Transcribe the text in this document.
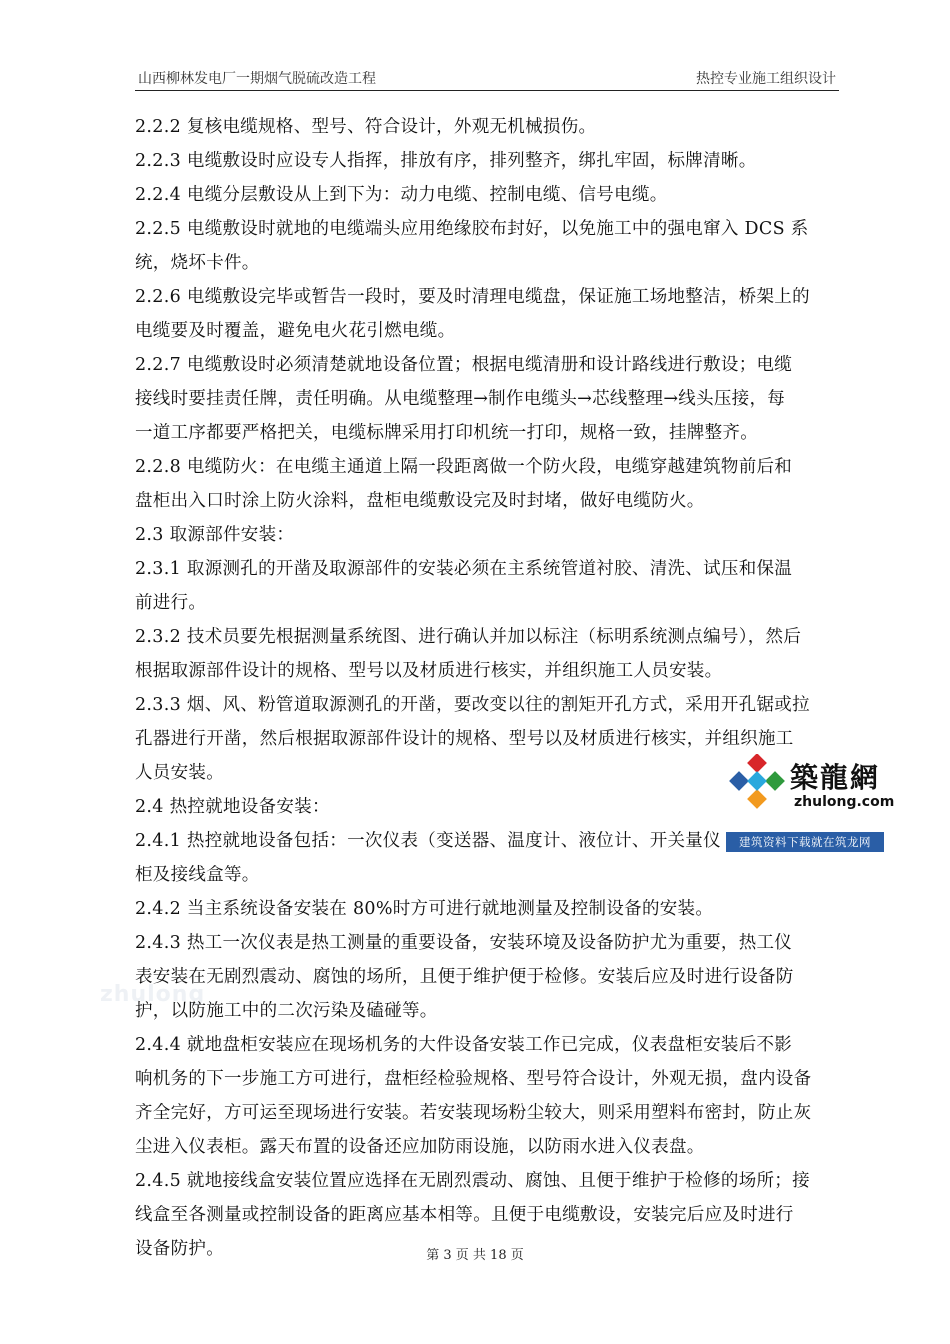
山西柳林发电厂一期烟气脱硫改造工程	热控专业施工组织设计
zhulong
2.2.2 复核电缆规格、型号、符合设计，外观无机械损伤。
2.2.3 电缆敷设时应设专人指挥，排放有序，排列整齐，绑扎牢固，标牌清晰。
2.2.4 电缆分层敷设从上到下为：动力电缆、控制电缆、信号电缆。
2.2.5 电缆敷设时就地的电缆端头应用绝缘胶布封好，以免施工中的强电窜入 DCS 系
统，烧坏卡件。
2.2.6 电缆敷设完毕或暂告一段时，要及时清理电缆盘，保证施工场地整洁，桥架上的
电缆要及时覆盖，避免电火花引燃电缆。
2.2.7 电缆敷设时必须清楚就地设备位置；根据电缆清册和设计路线进行敷设；电缆
接线时要挂责任牌，责任明确。从电缆整理→制作电缆头→芯线整理→线头压接，每
一道工序都要严格把关，电缆标牌采用打印机统一打印，规格一致，挂牌整齐。
2.2.8 电缆防火：在电缆主通道上隔一段距离做一个防火段，电缆穿越建筑物前后和
盘柜出入口时涂上防火涂料，盘柜电缆敷设完及时封堵，做好电缆防火。
2.3 取源部件安装：
2.3.1 取源测孔的开凿及取源部件的安装必须在主系统管道衬胶、清洗、试压和保温
前进行。
2.3.2 技术员要先根据测量系统图、进行确认并加以标注（标明系统测点编号），然后
根据取源部件设计的规格、型号以及材质进行核实，并组织施工人员安装。
2.3.3 烟、风、粉管道取源测孔的开凿，要改变以往的割矩开孔方式，采用开孔锯或拉
孔器进行开凿，然后根据取源部件设计的规格、型号以及材质进行核实，并组织施工
人员安装。
2.4 热控就地设备安装：
2.4.1 热控就地设备包括：一次仪表（变送器、温度计、液位计、开关量仪
柜及接线盒等。
2.4.2 当主系统设备安装在 80%时方可进行就地测量及控制设备的安装。
2.4.3 热工一次仪表是热工测量的重要设备，安装环境及设备防护尤为重要，热工仪
表安装在无剧烈震动、腐蚀的场所，且便于维护便于检修。安装后应及时进行设备防
护，以防施工中的二次污染及磕碰等。
2.4.4 就地盘柜安装应在现场机务的大件设备安装工作已完成，仪表盘柜安装后不影
响机务的下一步施工方可进行，盘柜经检验规格、型号符合设计，外观无损，盘内设备
齐全完好，方可运至现场进行安装。若安装现场粉尘较大，则采用塑料布密封，防止灰
尘进入仪表柜。露天布置的设备还应加防雨设施，以防雨水进入仪表盘。
2.4.5 就地接线盒安装位置应选择在无剧烈震动、腐蚀、且便于维护于检修的场所；接
线盒至各测量或控制设备的距离应基本相等。且便于电缆敷设，安装完后应及时进行
设备防护。
築龍網
zhulong.com
建筑资料下载就在筑龙网
第 3 页 共 18 页
